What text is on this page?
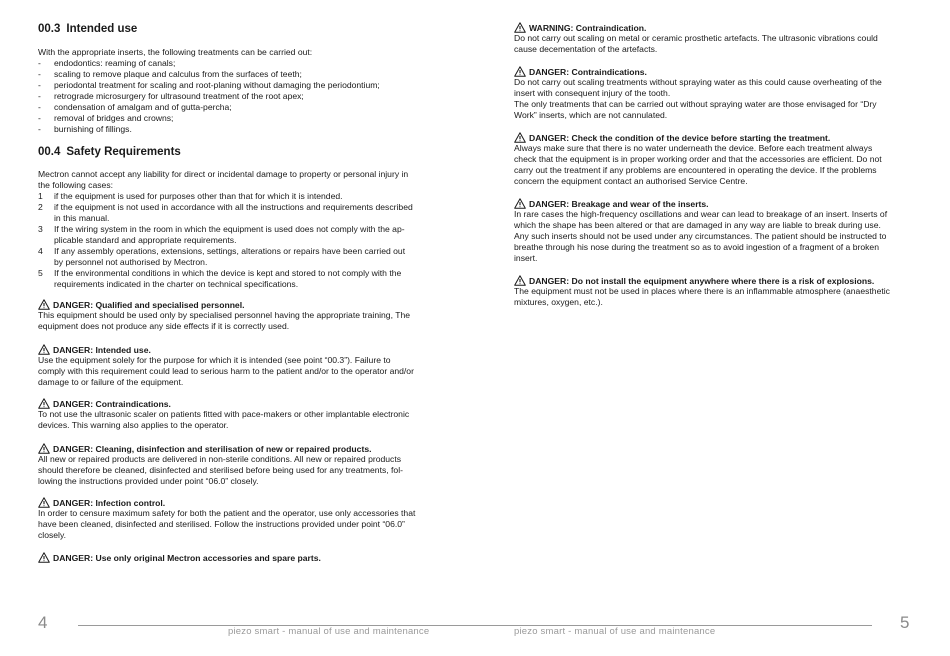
00.3 Intended use
With the appropriate inserts, the following treatments can be carried out:
- endodontics: reaming of canals;
- scaling to remove plaque and calculus from the surfaces of teeth;
- periodontal treatment for scaling and root-planing without damaging the periodontium;
- retrograde microsurgery for ultrasound treatment of the root apex;
- condensation of amalgam and of gutta-percha;
- removal of bridges and crowns;
- burnishing of fillings.
00.4 Safety Requirements
Mectron cannot accept any liability for direct or incidental damage to property or personal injury in
the following cases:
1 if the equipment is used for purposes other than that for which it is intended.
2 if the equipment is not used in accordance with all the instructions and requirements described
in this manual.
3 If the wiring system in the room in which the equipment is used does not comply with the ap-
plicable standard and appropriate requirements.
4 If any assembly operations, extensions, settings, alterations or repairs have been carried out
by personnel not authorised by Mectron.
5 If the environmental conditions in which the device is kept and stored to not comply with the
requirements indicated in the charter on technical specifications.
DANGER: Qualified and specialised personnel.
This equipment should be used only by specialised personnel having the appropriate training, The
equipment does not produce any side effects if it is correctly used.
DANGER: Intended use.
Use the equipment solely for the purpose for which it is intended (see point “00.3”). Failure to
comply with this requirement could lead to serious harm to the patient and/or to the operator and/or
damage to or failure of the equipment.
DANGER: Contraindications.
To not use the ultrasonic scaler on patients fitted with pace-makers or other implantable electronic
devices. This warning also applies to the operator.
DANGER: Cleaning, disinfection and sterilisation of new or repaired products.
All new or repaired products are delivered in non-sterile conditions. All new or repaired products
should therefore be cleaned, disinfected and sterilised before being used for any treatments, fol-
lowing the instructions provided under point “06.0” closely.
DANGER: Infection control.
In order to censure maximum safety for both the patient and the operator, use only accessories that
have been cleaned, disinfected and sterilised. Follow the instructions provided under point “06.0”
closely.
DANGER: Use only original Mectron accessories and spare parts.
WARNING: Contraindication.
Do not carry out scaling on metal or ceramic prosthetic artefacts. The ultrasonic vibrations could
cause decementation of the artefacts.
DANGER: Contraindications.
Do not carry out scaling treatments without spraying water as this could cause overheating of the
insert with consequent injury of the tooth.
The only treatments that can be carried out without spraying water are those envisaged for “Dry
Work” inserts, which are not cannulated.
DANGER: Check the condition of the device before starting the treatment.
Always make sure that there is no water underneath the device. Before each treatment always
check that the equipment is in proper working order and that the accessories are efficient. Do not
carry out the treatment if any problems are encountered in operating the device. If the problems
concern the equipment contact an authorised Service Centre.
DANGER: Breakage and wear of the inserts.
In rare cases the high-frequency oscillations and wear can lead to breakage of an insert. Inserts of
which the shape has been altered or that are damaged in any way are liable to break during use.
Any such inserts should not be used under any circumstances. The patient should be instructed to
breathe through his nose during the treatment so as to avoid ingestion of a fragment of a broken
insert.
DANGER: Do not install the equipment anywhere where there is a risk of explosions.
The equipment must not be used in places where there is an inflammable atmosphere (anaesthetic
mixtures, oxygen, etc.).
4	5
piezo smart - manual of use and maintenance	piezo smart - manual of use and maintenance
